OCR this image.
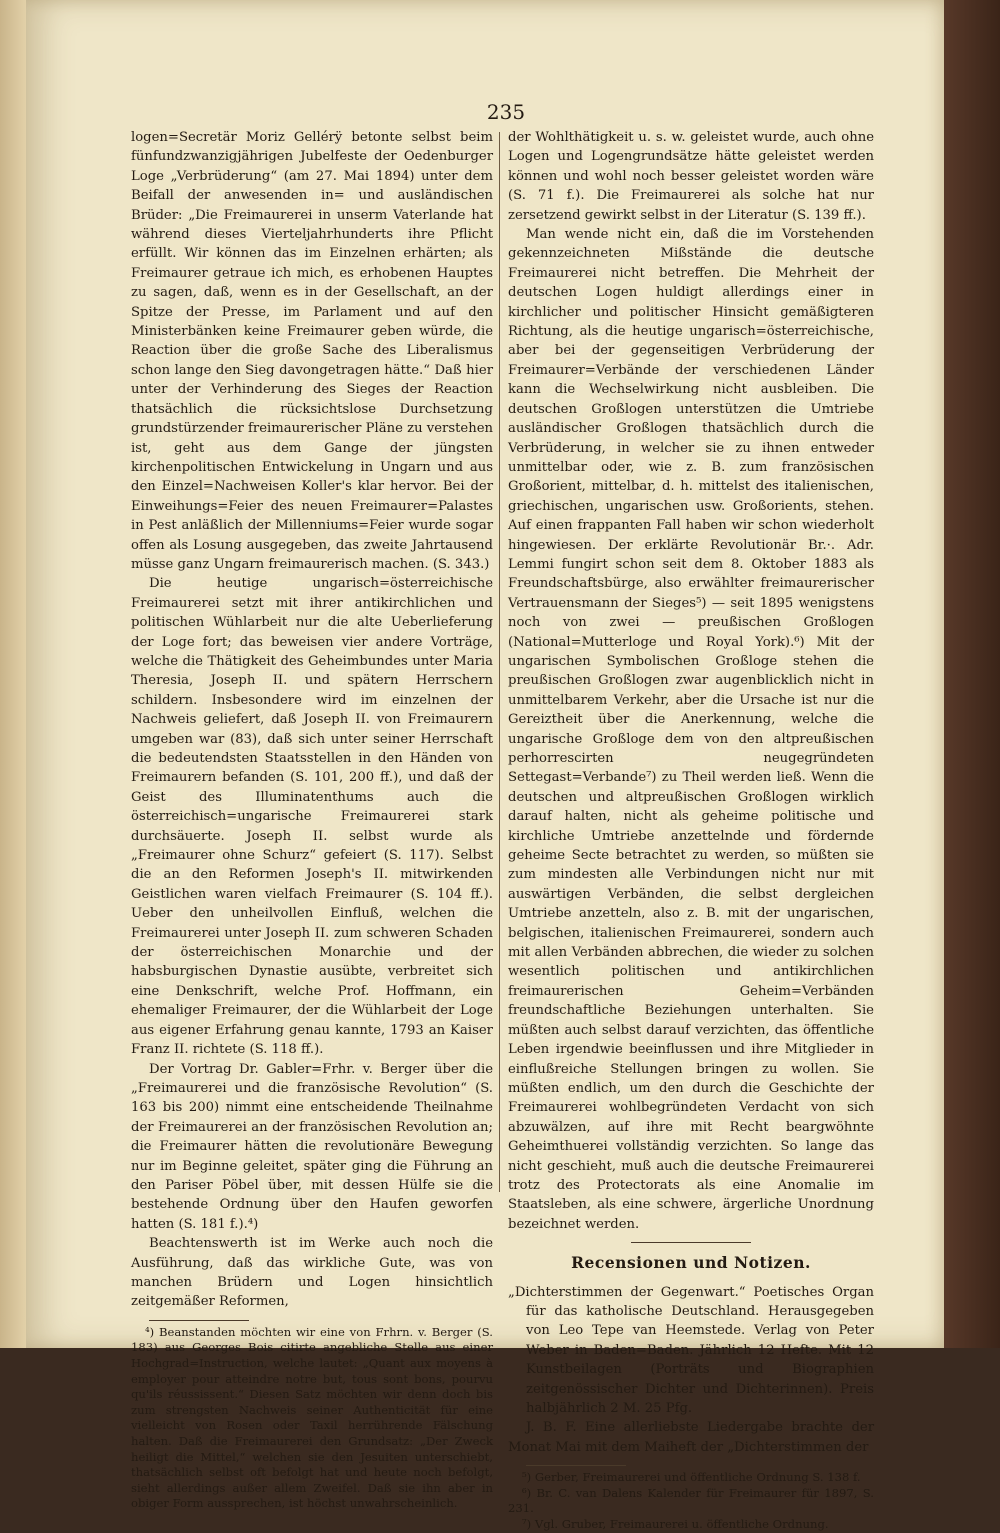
235

logen=Secretär Moriz Gellérÿ betonte selbst beim fünfundzwanzigjährigen Jubelfeste der Oedenburger Loge „Verbrüderung“ (am 27. Mai 1894) unter dem Beifall der anwesenden in= und ausländischen Brüder: „Die Freimaurerei in unserm Vaterlande hat während dieses Vierteljahrhunderts ihre Pflicht erfüllt. Wir können das im Einzelnen erhärten; als Freimaurer getraue ich mich, es erhobenen Hauptes zu sagen, daß, wenn es in der Gesellschaft, an der Spitze der Presse, im Parlament und auf den Ministerbänken keine Freimaurer geben würde, die Reaction über die große Sache des Liberalismus schon lange den Sieg davongetragen hätte.“ Daß hier unter der Verhinderung des Sieges der Reaction thatsächlich die rücksichtslose Durchsetzung grundstürzender freimaurerischer Pläne zu verstehen ist, geht aus dem Gange der jüngsten kirchenpolitischen Entwickelung in Ungarn und aus den Einzel=Nachweisen Koller's klar hervor. Bei der Einweihungs=Feier des neuen Freimaurer=Palastes in Pest anläßlich der Millenniums=Feier wurde sogar offen als Losung ausgegeben, das zweite Jahrtausend müsse ganz Ungarn freimaurerisch machen. (S. 343.)

Die heutige ungarisch=österreichische Freimaurerei setzt mit ihrer antikirchlichen und politischen Wühlarbeit nur die alte Ueberlieferung der Loge fort; das beweisen vier andere Vorträge, welche die Thätigkeit des Geheimbundes unter Maria Theresia, Joseph II. und spätern Herrschern schildern. Insbesondere wird im einzelnen der Nachweis geliefert, daß Joseph II. von Freimaurern umgeben war (83), daß sich unter seiner Herrschaft die bedeutendsten Staatsstellen in den Händen von Freimaurern befanden (S. 101, 200 ff.), und daß der Geist des Illuminatenthums auch die österreichisch=ungarische Freimaurerei stark durchsäuerte. Joseph II. selbst wurde als „Freimaurer ohne Schurz“ gefeiert (S. 117). Selbst die an den Reformen Joseph's II. mitwirkenden Geistlichen waren vielfach Freimaurer (S. 104 ff.). Ueber den unheilvollen Einfluß, welchen die Freimaurerei unter Joseph II. zum schweren Schaden der österreichischen Monarchie und der habsburgischen Dynastie ausübte, verbreitet sich eine Denkschrift, welche Prof. Hoffmann, ein ehemaliger Freimaurer, der die Wühlarbeit der Loge aus eigener Erfahrung genau kannte, 1793 an Kaiser Franz II. richtete (S. 118 ff.).

Der Vortrag Dr. Gabler=Frhr. v. Berger über die „Freimaurerei und die französische Revolution“ (S. 163 bis 200) nimmt eine entscheidende Theilnahme der Freimaurerei an der französischen Revolution an; die Freimaurer hätten die revolutionäre Bewegung nur im Beginne geleitet, später ging die Führung an den Pariser Pöbel über, mit dessen Hülfe sie die bestehende Ordnung über den Haufen geworfen hatten (S. 181 f.).⁴)

Beachtenswerth ist im Werke auch noch die Ausführung, daß das wirkliche Gute, was von manchen Brüdern und Logen hinsichtlich zeitgemäßer Reformen,

⁴) Beanstanden möchten wir eine von Frhrn. v. Berger (S. 183) aus Georges Bois citirte angebliche Stelle aus einer Hochgrad=Instruction, welche lautet: „Quant aux moyens à employer pour atteindre notre but, tous sont bons, pourvu qu'ils réussissent.“ Diesen Satz möchten wir denn doch bis zum strengsten Nachweis seiner Authenticität für eine vielleicht von Rosen oder Taxil herrührende Fälschung halten. Daß die Freimaurerei den Grundsatz: „Der Zweck heiligt die Mittel,“ welchen sie den Jesuiten unterschiebt, thatsächlich selbst oft befolgt hat und heute noch befolgt, sieht allerdings außer allem Zweifel. Daß sie ihn aber in obiger Form aussprechen, ist höchst unwahrscheinlich.

der Wohlthätigkeit u. s. w. geleistet wurde, auch ohne Logen und Logengrundsätze hätte geleistet werden können und wohl noch besser geleistet worden wäre (S. 71 f.). Die Freimaurerei als solche hat nur zersetzend gewirkt selbst in der Literatur (S. 139 ff.).

Man wende nicht ein, daß die im Vorstehenden gekennzeichneten Mißstände die deutsche Freimaurerei nicht betreffen. Die Mehrheit der deutschen Logen huldigt allerdings einer in kirchlicher und politischer Hinsicht gemäßigteren Richtung, als die heutige ungarisch=österreichische, aber bei der gegenseitigen Verbrüderung der Freimaurer=Verbände der verschiedenen Länder kann die Wechselwirkung nicht ausbleiben. Die deutschen Großlogen unterstützen die Umtriebe ausländischer Großlogen thatsächlich durch die Verbrüderung, in welcher sie zu ihnen entweder unmittelbar oder, wie z. B. zum französischen Großorient, mittelbar, d. h. mittelst des italienischen, griechischen, ungarischen usw. Großorients, stehen. Auf einen frappanten Fall haben wir schon wiederholt hingewiesen. Der erklärte Revolutionär Br.·. Adr. Lemmi fungirt schon seit dem 8. Oktober 1883 als Freundschaftsbürge, also erwählter freimaurerischer Vertrauensmann der Sieges⁵) — seit 1895 wenigstens noch von zwei — preußischen Großlogen (National=Mutterloge und Royal York).⁶) Mit der ungarischen Symbolischen Großloge stehen die preußischen Großlogen zwar augenblicklich nicht in unmittelbarem Verkehr, aber die Ursache ist nur die Gereiztheit über die Anerkennung, welche die ungarische Großloge dem von den altpreußischen perhorrescirten neugegründeten Settegast=Verbande⁷) zu Theil werden ließ. Wenn die deutschen und altpreußischen Großlogen wirklich darauf halten, nicht als geheime politische und kirchliche Umtriebe anzettelnde und fördernde geheime Secte betrachtet zu werden, so müßten sie zum mindesten alle Verbindungen nicht nur mit auswärtigen Verbänden, die selbst dergleichen Umtriebe anzetteln, also z. B. mit der ungarischen, belgischen, italienischen Freimaurerei, sondern auch mit allen Verbänden abbrechen, die wieder zu solchen wesentlich politischen und antikirchlichen freimaurerischen Geheim=Verbänden freundschaftliche Beziehungen unterhalten. Sie müßten auch selbst darauf verzichten, das öffentliche Leben irgendwie beeinflussen und ihre Mitglieder in einflußreiche Stellungen bringen zu wollen. Sie müßten endlich, um den durch die Geschichte der Freimaurerei wohlbegründeten Verdacht von sich abzuwälzen, auf ihre mit Recht beargwöhnte Geheimthuerei vollständig verzichten. So lange das nicht geschieht, muß auch die deutsche Freimaurerei trotz des Protectorats als eine Anomalie im Staatsleben, als eine schwere, ärgerliche Unordnung bezeichnet werden.

Recensionen und Notizen.

„Dichterstimmen der Gegenwart.“ Poetisches Organ für das katholische Deutschland. Herausgegeben von Leo Tepe van Heemstede. Verlag von Peter Weber in Baden=Baden. Jährlich 12 Hefte. Mit 12 Kunstbeilagen (Porträts und Biographien zeitgenössischer Dichter und Dichterinnen). Preis halbjährlich 2 M. 25 Pfg.

J. B. F. Eine allerliebste Liedergabe brachte der Monat Mai mit dem Maiheft der „Dichterstimmen der

⁵) Gerber, Freimaurerei und öffentliche Ordnung S. 138 f.

⁶) Br. C. van Dalens Kalender für Freimaurer für 1897, S. 231.

⁷) Vgl. Gruber, Freimaurerei u. öffentliche Ordnung.
